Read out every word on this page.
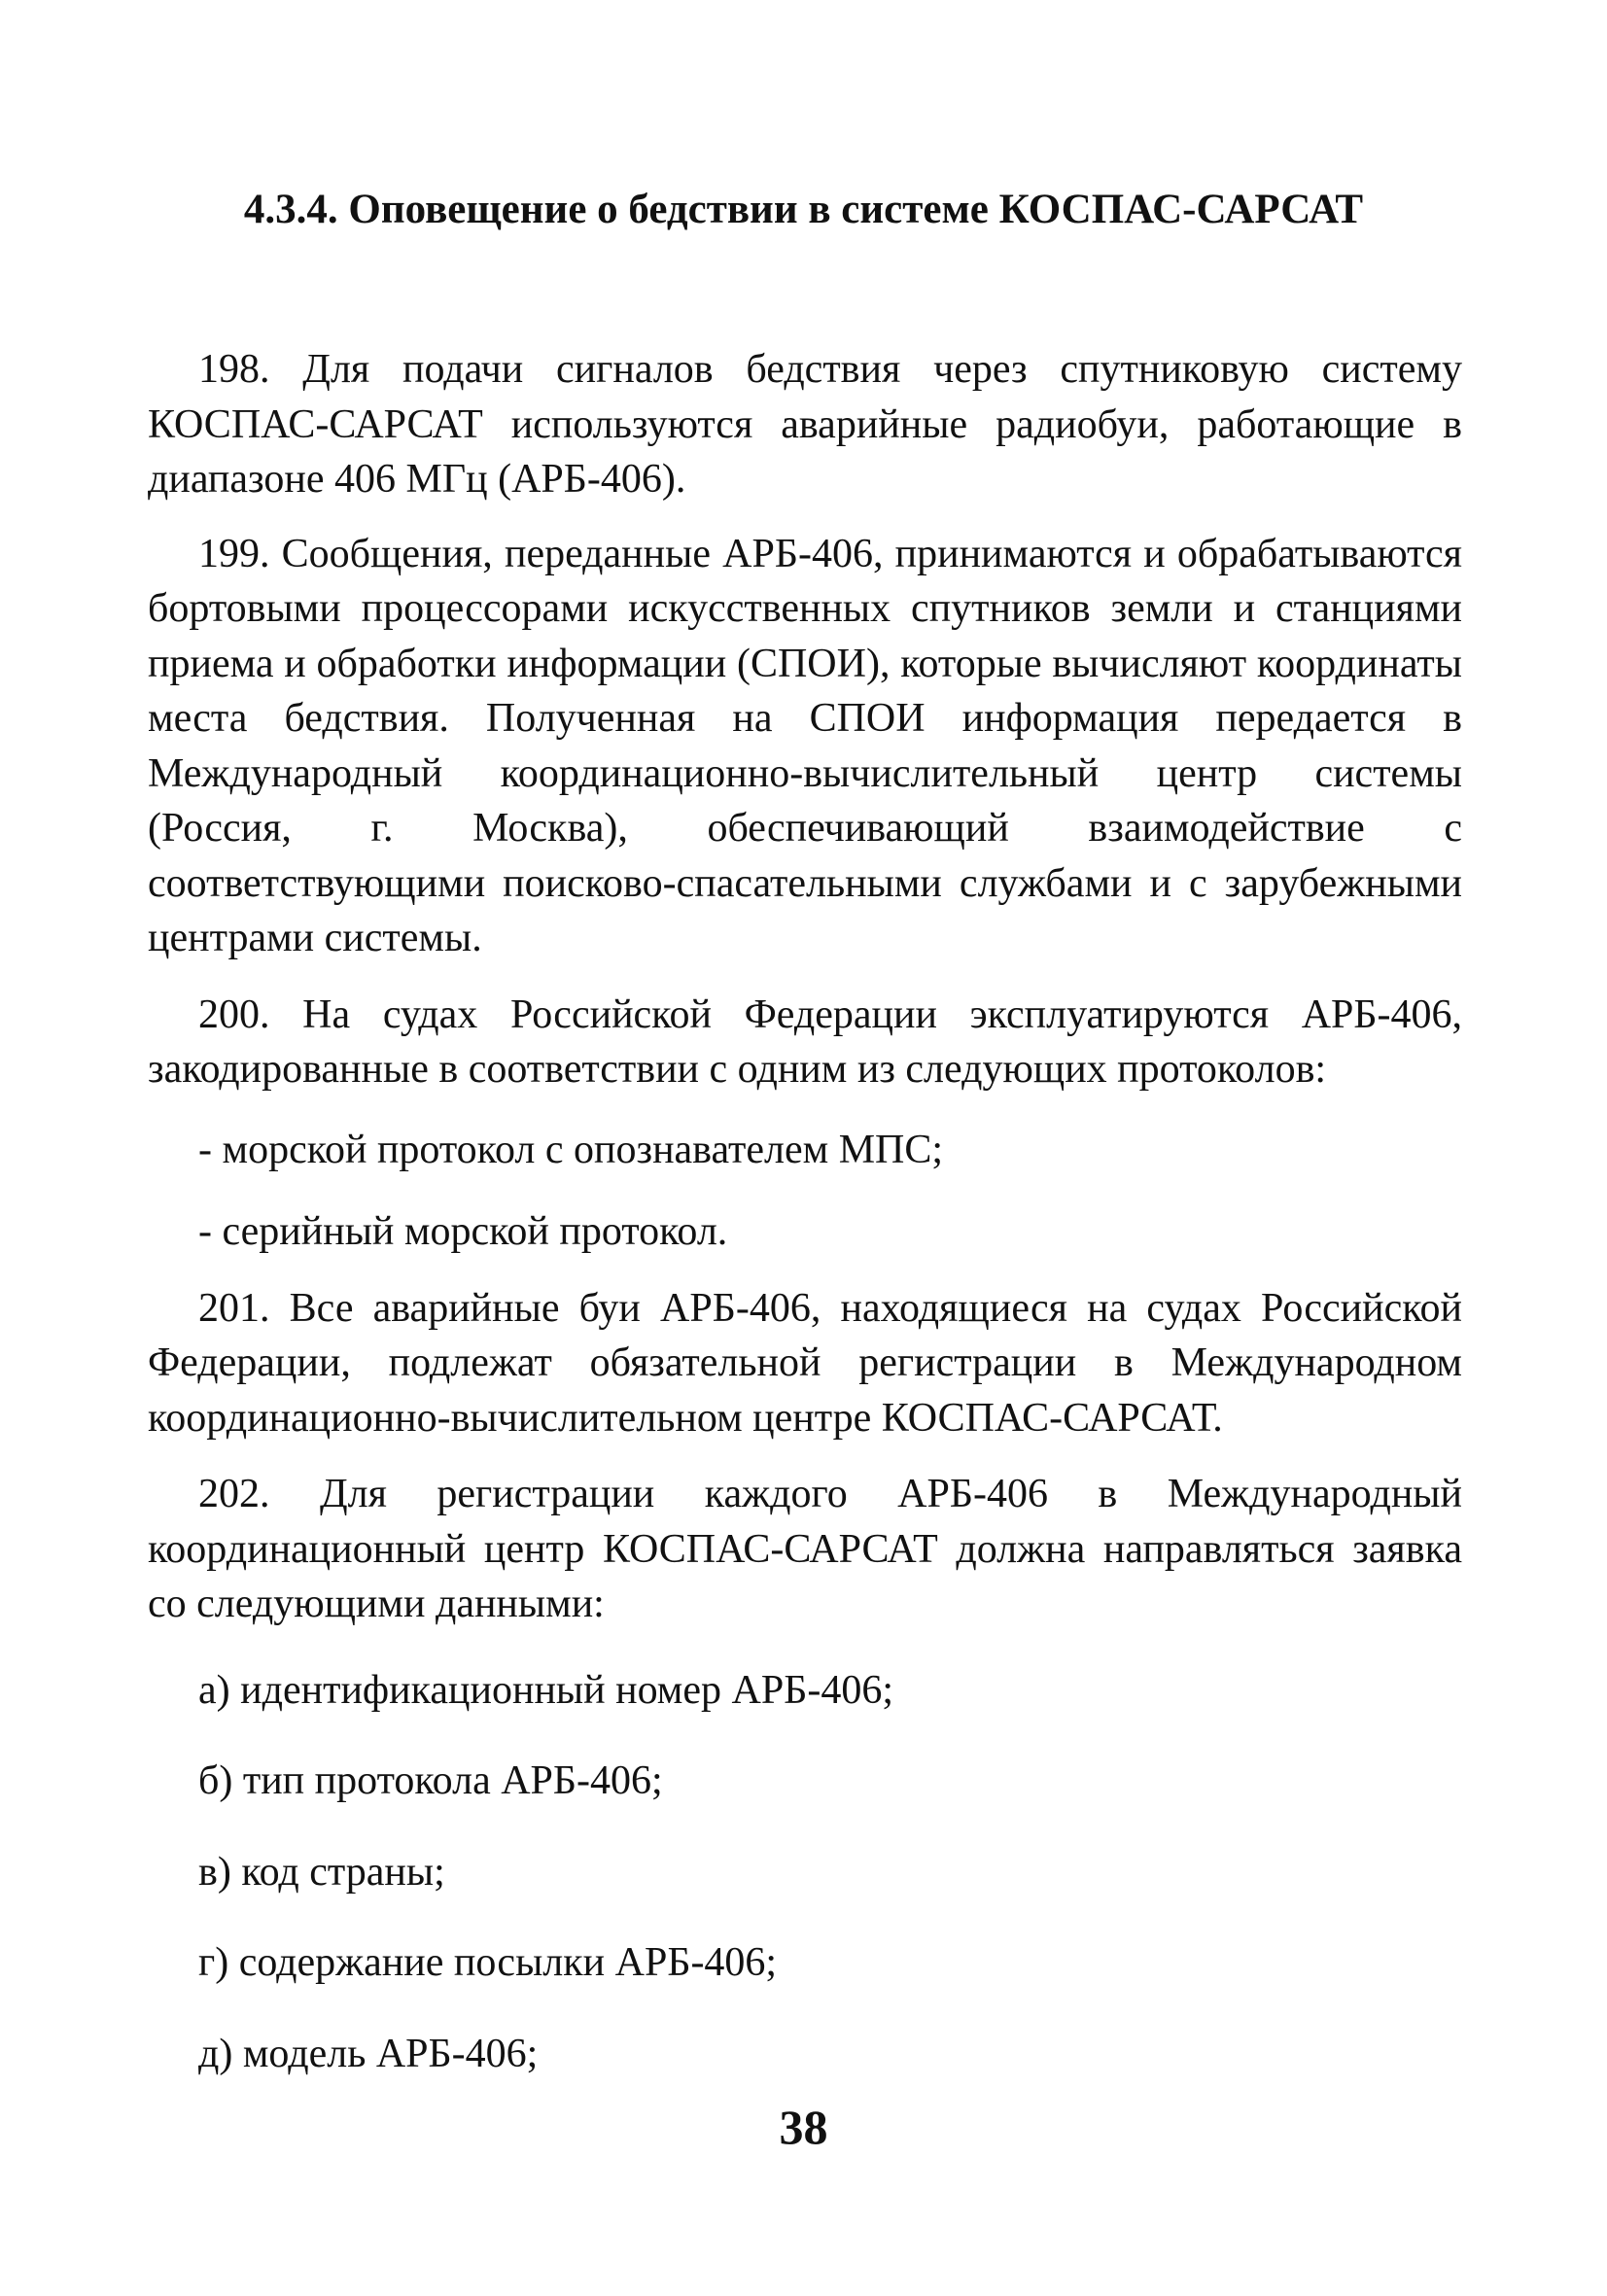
4.3.4. Оповещение о бедствии в системе КОСПАС-САРСАТ

198. Для подачи сигналов бедствия через спутниковую систему КОСПАС-САРСАТ используются аварийные радиобуи, работающие в диапазоне 406 МГц (АРБ-406).

199. Сообщения, переданные АРБ-406, принимаются и обрабатываются бортовыми процессорами искусственных спутников земли и станциями приема и обработки информации (СПОИ), которые вычисляют координаты места бедствия. Полученная на СПОИ информация передается в Международный координационно-вычислительный центр системы (Россия, г. Москва), обеспечивающий взаимодействие с соответствующими поисково-спасательными службами и с зарубежными центрами системы.

200. На судах Российской Федерации эксплуатируются АРБ-406, закодированные в соответствии с одним из следующих протоколов:

- морской протокол с опознавателем МПС;

- серийный морской протокол.

201. Все аварийные буи АРБ-406, находящиеся на судах Российской Федерации, подлежат обязательной регистрации в Международном координационно-вычислительном центре КОСПАС-САРСАТ.

202. Для регистрации каждого АРБ-406 в Международный координационный центр КОСПАС-САРСАТ должна направляться заявка со следующими данными:

а) идентификационный номер АРБ-406;

б) тип протокола АРБ-406;

в) код страны;

г) содержание посылки АРБ-406;

д) модель АРБ-406;

38
